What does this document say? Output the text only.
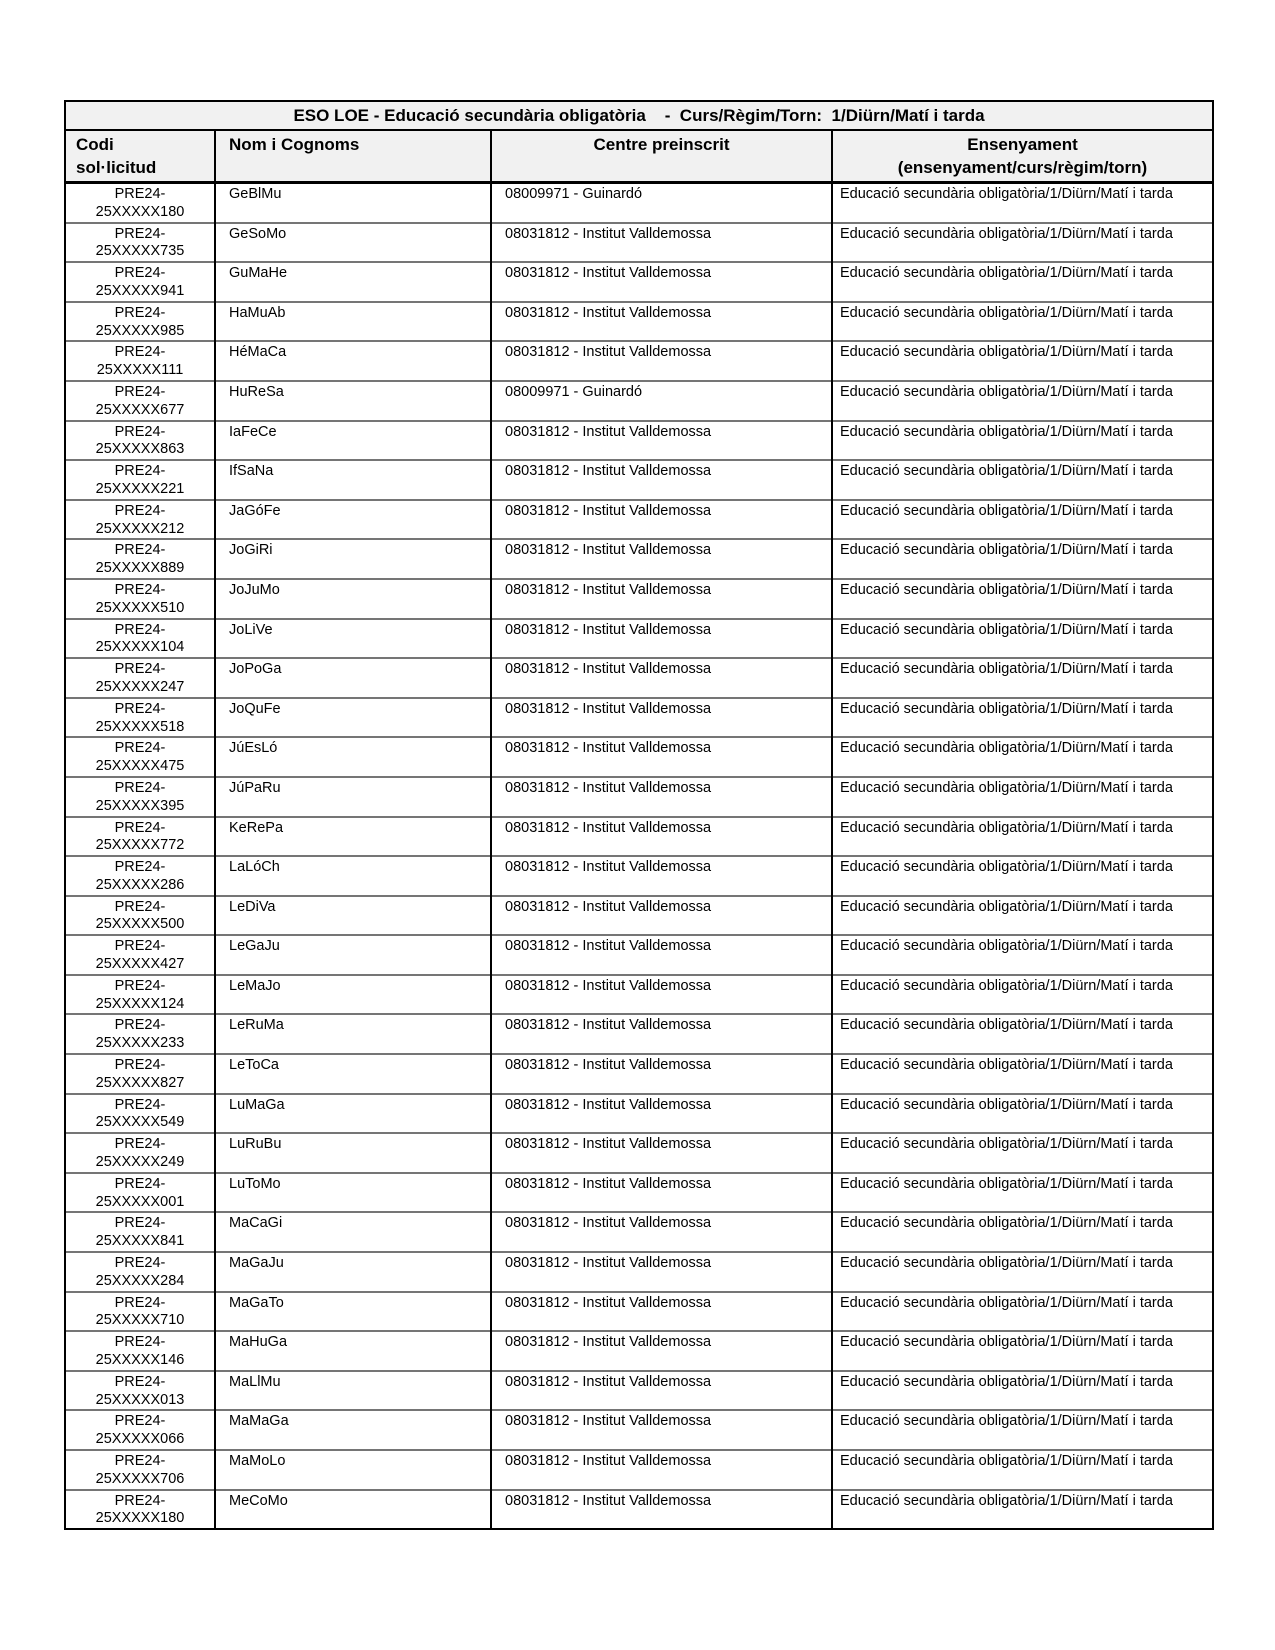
ESO LOE - Educació secundària obligatòria    -  Curs/Règim/Torn:  1/Diürn/Matí i tarda			

Codi sol·licitud	Nom i Cognoms	Centre preinscrit	Ensenyament
(ensenyament/curs/règim/torn)

PRE24-25XXXXX180	GeBlMu	08009971 - Guinardó	Educació secundària obligatòria/1/Diürn/Matí i tarda

PRE24-25XXXXX735	GeSoMo	08031812 - Institut Valldemossa	Educació secundària obligatòria/1/Diürn/Matí i tarda

PRE24-25XXXXX941	GuMaHe	08031812 - Institut Valldemossa	Educació secundària obligatòria/1/Diürn/Matí i tarda

PRE24-25XXXXX985	HaMuAb	08031812 - Institut Valldemossa	Educació secundària obligatòria/1/Diürn/Matí i tarda

PRE24-25XXXXX111	HéMaCa	08031812 - Institut Valldemossa	Educació secundària obligatòria/1/Diürn/Matí i tarda

PRE24-25XXXXX677	HuReSa	08009971 - Guinardó	Educació secundària obligatòria/1/Diürn/Matí i tarda

PRE24-25XXXXX863	IaFeCe	08031812 - Institut Valldemossa	Educació secundària obligatòria/1/Diürn/Matí i tarda

PRE24-25XXXXX221	IfSaNa	08031812 - Institut Valldemossa	Educació secundària obligatòria/1/Diürn/Matí i tarda

PRE24-25XXXXX212	JaGóFe	08031812 - Institut Valldemossa	Educació secundària obligatòria/1/Diürn/Matí i tarda

PRE24-25XXXXX889	JoGiRi	08031812 - Institut Valldemossa	Educació secundària obligatòria/1/Diürn/Matí i tarda

PRE24-25XXXXX510	JoJuMo	08031812 - Institut Valldemossa	Educació secundària obligatòria/1/Diürn/Matí i tarda

PRE24-25XXXXX104	JoLiVe	08031812 - Institut Valldemossa	Educació secundària obligatòria/1/Diürn/Matí i tarda

PRE24-25XXXXX247	JoPoGa	08031812 - Institut Valldemossa	Educació secundària obligatòria/1/Diürn/Matí i tarda

PRE24-25XXXXX518	JoQuFe	08031812 - Institut Valldemossa	Educació secundària obligatòria/1/Diürn/Matí i tarda

PRE24-25XXXXX475	JúEsLó	08031812 - Institut Valldemossa	Educació secundària obligatòria/1/Diürn/Matí i tarda

PRE24-25XXXXX395	JúPaRu	08031812 - Institut Valldemossa	Educació secundària obligatòria/1/Diürn/Matí i tarda

PRE24-25XXXXX772	KeRePa	08031812 - Institut Valldemossa	Educació secundària obligatòria/1/Diürn/Matí i tarda

PRE24-25XXXXX286	LaLóCh	08031812 - Institut Valldemossa	Educació secundària obligatòria/1/Diürn/Matí i tarda

PRE24-25XXXXX500	LeDiVa	08031812 - Institut Valldemossa	Educació secundària obligatòria/1/Diürn/Matí i tarda

PRE24-25XXXXX427	LeGaJu	08031812 - Institut Valldemossa	Educació secundària obligatòria/1/Diürn/Matí i tarda

PRE24-25XXXXX124	LeMaJo	08031812 - Institut Valldemossa	Educació secundària obligatòria/1/Diürn/Matí i tarda

PRE24-25XXXXX233	LeRuMa	08031812 - Institut Valldemossa	Educació secundària obligatòria/1/Diürn/Matí i tarda

PRE24-25XXXXX827	LeToCa	08031812 - Institut Valldemossa	Educació secundària obligatòria/1/Diürn/Matí i tarda

PRE24-25XXXXX549	LuMaGa	08031812 - Institut Valldemossa	Educació secundària obligatòria/1/Diürn/Matí i tarda

PRE24-25XXXXX249	LuRuBu	08031812 - Institut Valldemossa	Educació secundària obligatòria/1/Diürn/Matí i tarda

PRE24-25XXXXX001	LuToMo	08031812 - Institut Valldemossa	Educació secundària obligatòria/1/Diürn/Matí i tarda

PRE24-25XXXXX841	MaCaGi	08031812 - Institut Valldemossa	Educació secundària obligatòria/1/Diürn/Matí i tarda

PRE24-25XXXXX284	MaGaJu	08031812 - Institut Valldemossa	Educació secundària obligatòria/1/Diürn/Matí i tarda

PRE24-25XXXXX710	MaGaTo	08031812 - Institut Valldemossa	Educació secundària obligatòria/1/Diürn/Matí i tarda

PRE24-25XXXXX146	MaHuGa	08031812 - Institut Valldemossa	Educació secundària obligatòria/1/Diürn/Matí i tarda

PRE24-25XXXXX013	MaLlMu	08031812 - Institut Valldemossa	Educació secundària obligatòria/1/Diürn/Matí i tarda

PRE24-25XXXXX066	MaMaGa	08031812 - Institut Valldemossa	Educació secundària obligatòria/1/Diürn/Matí i tarda

PRE24-25XXXXX706	MaMoLo	08031812 - Institut Valldemossa	Educació secundària obligatòria/1/Diürn/Matí i tarda

PRE24-25XXXXX180	MeCoMo	08031812 - Institut Valldemossa	Educació secundària obligatòria/1/Diürn/Matí i tarda
